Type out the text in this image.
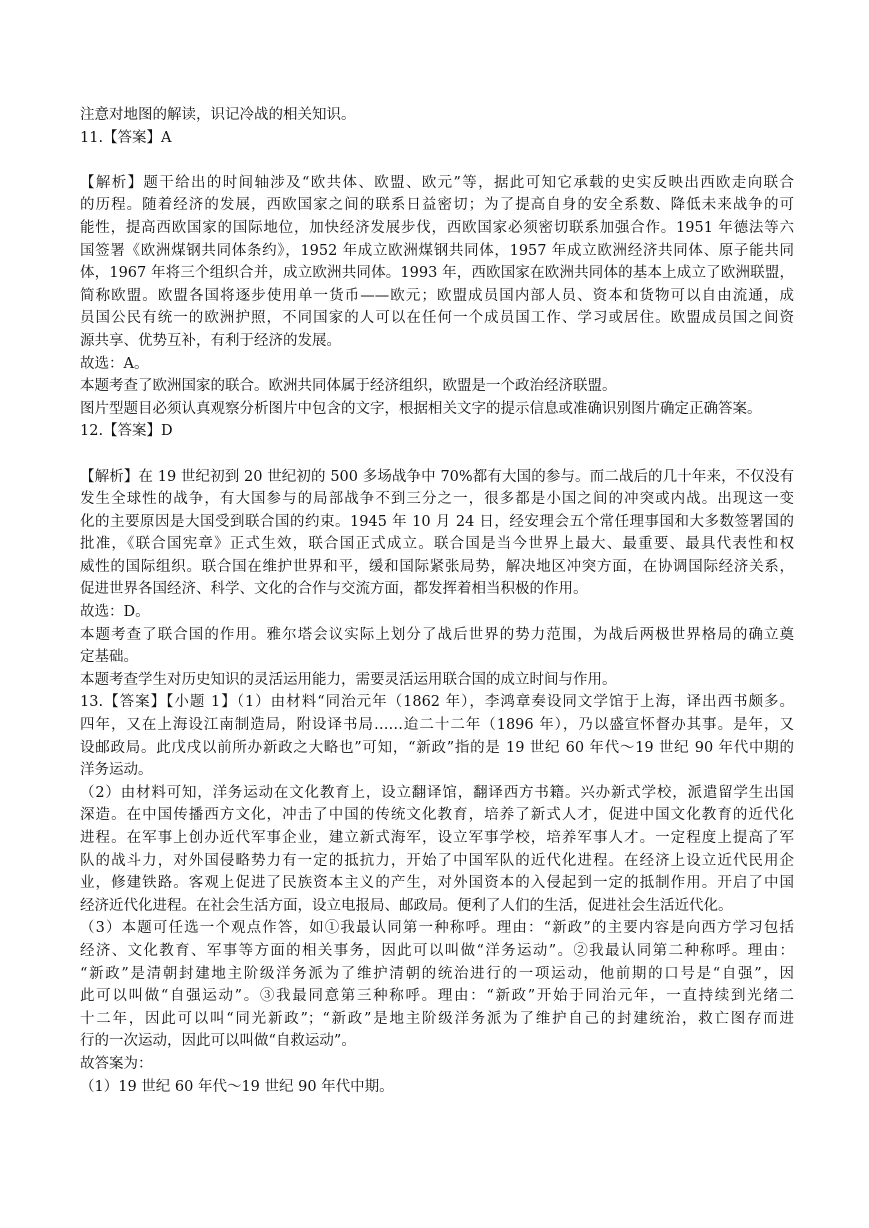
注意对地图的解读，识记冷战的相关知识。
11.【答案】A
【解析】题干给出的时间轴涉及“欧共体、欧盟、欧元”等，据此可知它承载的史实反映出西欧走向联合
的历程。随着经济的发展，西欧国家之间的联系日益密切；为了提高自身的安全系数、降低未来战争的可
能性，提高西欧国家的国际地位，加快经济发展步伐，西欧国家必须密切联系加强合作。1951 年德法等六
国签署《欧洲煤钢共同体条约》，1952 年成立欧洲煤钢共同体，1957 年成立欧洲经济共同体、原子能共同
体，1967 年将三个组织合并，成立欧洲共同体。1993 年，西欧国家在欧洲共同体的基本上成立了欧洲联盟，
简称欧盟。欧盟各国将逐步使用单一货币——欧元；欧盟成员国内部人员、资本和货物可以自由流通，成
员国公民有统一的欧洲护照，不同国家的人可以在任何一个成员国工作、学习或居住。欧盟成员国之间资
源共享、优势互补，有利于经济的发展。
故选：A。
本题考查了欧洲国家的联合。欧洲共同体属于经济组织，欧盟是一个政治经济联盟。
图片型题目必须认真观察分析图片中包含的文字，根据相关文字的提示信息或准确识别图片确定正确答案。
12.【答案】D
【解析】在 19 世纪初到 20 世纪初的 500 多场战争中 70%都有大国的参与。而二战后的几十年来，不仅没有
发生全球性的战争，有大国参与的局部战争不到三分之一，很多都是小国之间的冲突或内战。出现这一变
化的主要原因是大国受到联合国的约束。1945 年 10 月 24 日，经安理会五个常任理事国和大多数签署国的
批准，《联合国宪章》正式生效，联合国正式成立。联合国是当今世界上最大、最重要、最具代表性和权
威性的国际组织。联合国在维护世界和平，缓和国际紧张局势，解决地区冲突方面，在协调国际经济关系，
促进世界各国经济、科学、文化的合作与交流方面，都发挥着相当积极的作用。
故选：D。
本题考查了联合国的作用。雅尔塔会议实际上划分了战后世界的势力范围，为战后两极世界格局的确立奠
定基础。
本题考查学生对历史知识的灵活运用能力，需要灵活运用联合国的成立时间与作用。
13.【答案】【小题 1】（1）由材料“同治元年（1862 年），李鸿章奏设同文学馆于上海，译出西书颇多。
四年，又在上海设江南制造局，附设译书局……迨二十二年（1896 年），乃以盛宣怀督办其事。是年，又
设邮政局。此戊戌以前所办新政之大略也”可知，“新政”指的是 19 世纪 60 年代～19 世纪 90 年代中期的
洋务运动。
（2）由材料可知，洋务运动在文化教育上，设立翻译馆，翻译西方书籍。兴办新式学校，派遣留学生出国
深造。在中国传播西方文化，冲击了中国的传统文化教育，培养了新式人才，促进中国文化教育的近代化
进程。在军事上创办近代军事企业，建立新式海军，设立军事学校，培养军事人才。一定程度上提高了军
队的战斗力，对外国侵略势力有一定的抵抗力，开始了中国军队的近代化进程。在经济上设立近代民用企
业，修建铁路。客观上促进了民族资本主义的产生，对外国资本的入侵起到一定的抵制作用。开启了中国
经济近代化进程。在社会生活方面，设立电报局、邮政局。便利了人们的生活，促进社会生活近代化。
（3）本题可任选一个观点作答，如①我最认同第一种称呼。理由：“新政”的主要内容是向西方学习包括
经济、文化教育、军事等方面的相关事务，因此可以叫做“洋务运动”。②我最认同第二种称呼。理由：
“新政”是清朝封建地主阶级洋务派为了维护清朝的统治进行的一项运动，他前期的口号是“自强”，因
此可以叫做“自强运动”。③我最同意第三种称呼。理由：“新政”开始于同治元年，一直持续到光绪二
十二年，因此可以叫“同光新政”；“新政”是地主阶级洋务派为了维护自己的封建统治，救亡图存而进
行的一次运动，因此可以叫做“自救运动”。
故答案为：
（1）19 世纪 60 年代～19 世纪 90 年代中期。
